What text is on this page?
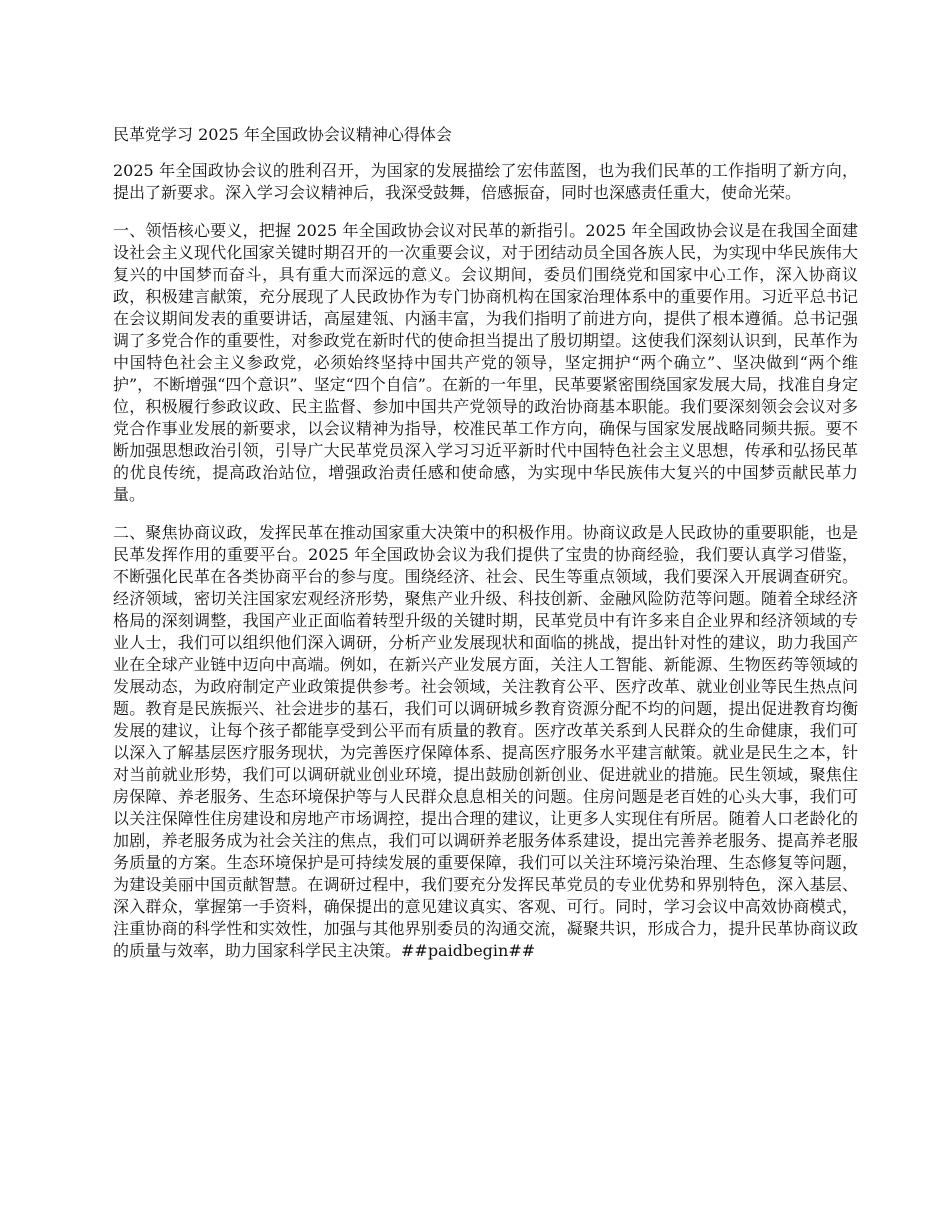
民革党学习 2025 年全国政协会议精神心得体会

2025 年全国政协会议的胜利召开，为国家的发展描绘了宏伟蓝图，也为我们民革的工作指明了新方向，提出了新要求。深入学习会议精神后，我深受鼓舞，倍感振奋，同时也深感责任重大，使命光荣。

一、领悟核心要义，把握 2025 年全国政协会议对民革的新指引。2025 年全国政协会议是在我国全面建设社会主义现代化国家关键时期召开的一次重要会议，对于团结动员全国各族人民，为实现中华民族伟大复兴的中国梦而奋斗，具有重大而深远的意义。会议期间，委员们围绕党和国家中心工作，深入协商议政，积极建言献策，充分展现了人民政协作为专门协商机构在国家治理体系中的重要作用。习近平总书记在会议期间发表的重要讲话，高屋建瓴、内涵丰富，为我们指明了前进方向，提供了根本遵循。总书记强调了多党合作的重要性，对参政党在新时代的使命担当提出了殷切期望。这使我们深刻认识到，民革作为中国特色社会主义参政党，必须始终坚持中国共产党的领导，坚定拥护“两个确立”、坚决做到“两个维护”，不断增强“四个意识”、坚定“四个自信”。在新的一年里，民革要紧密围绕国家发展大局，找准自身定位，积极履行参政议政、民主监督、参加中国共产党领导的政治协商基本职能。我们要深刻领会会议对多党合作事业发展的新要求，以会议精神为指导，校准民革工作方向，确保与国家发展战略同频共振。要不断加强思想政治引领，引导广大民革党员深入学习习近平新时代中国特色社会主义思想，传承和弘扬民革的优良传统，提高政治站位，增强政治责任感和使命感，为实现中华民族伟大复兴的中国梦贡献民革力量。

二、聚焦协商议政，发挥民革在推动国家重大决策中的积极作用。协商议政是人民政协的重要职能，也是民革发挥作用的重要平台。2025 年全国政协会议为我们提供了宝贵的协商经验，我们要认真学习借鉴，不断强化民革在各类协商平台的参与度。围绕经济、社会、民生等重点领域，我们要深入开展调查研究。经济领域，密切关注国家宏观经济形势，聚焦产业升级、科技创新、金融风险防范等问题。随着全球经济格局的深刻调整，我国产业正面临着转型升级的关键时期，民革党员中有许多来自企业界和经济领域的专业人士，我们可以组织他们深入调研，分析产业发展现状和面临的挑战，提出针对性的建议，助力我国产业在全球产业链中迈向中高端。例如，在新兴产业发展方面，关注人工智能、新能源、生物医药等领域的发展动态，为政府制定产业政策提供参考。社会领域，关注教育公平、医疗改革、就业创业等民生热点问题。教育是民族振兴、社会进步的基石，我们可以调研城乡教育资源分配不均的问题，提出促进教育均衡发展的建议，让每个孩子都能享受到公平而有质量的教育。医疗改革关系到人民群众的生命健康，我们可以深入了解基层医疗服务现状，为完善医疗保障体系、提高医疗服务水平建言献策。就业是民生之本，针对当前就业形势，我们可以调研就业创业环境，提出鼓励创新创业、促进就业的措施。民生领域，聚焦住房保障、养老服务、生态环境保护等与人民群众息息相关的问题。住房问题是老百姓的心头大事，我们可以关注保障性住房建设和房地产市场调控，提出合理的建议，让更多人实现住有所居。随着人口老龄化的加剧，养老服务成为社会关注的焦点，我们可以调研养老服务体系建设，提出完善养老服务、提高养老服务质量的方案。生态环境保护是可持续发展的重要保障，我们可以关注环境污染治理、生态修复等问题，为建设美丽中国贡献智慧。在调研过程中，我们要充分发挥民革党员的专业优势和界别特色，深入基层、深入群众，掌握第一手资料，确保提出的意见建议真实、客观、可行。同时，学习会议中高效协商模式，注重协商的科学性和实效性，加强与其他界别委员的沟通交流，凝聚共识，形成合力，提升民革协商议政的质量与效率，助力国家科学民主决策。##paidbegin##
